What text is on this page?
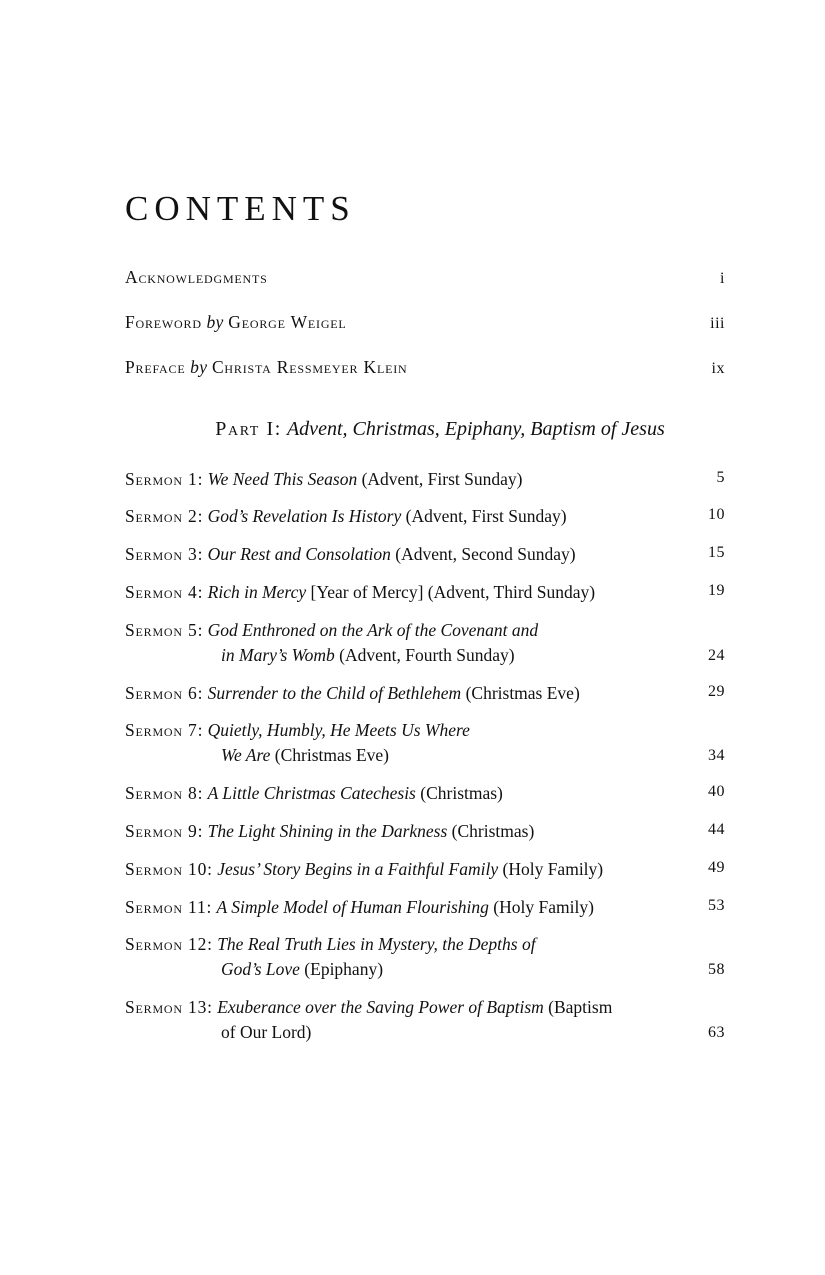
CONTENTS
Acknowledgments	i
Foreword by George Weigel	iii
Preface by Christa Ressmeyer Klein	ix
Part I: Advent, Christmas, Epiphany, Baptism of Jesus
Sermon 1: We Need This Season (Advent, First Sunday)	5
Sermon 2: God’s Revelation Is History (Advent, First Sunday)	10
Sermon 3: Our Rest and Consolation (Advent, Second Sunday)	15
Sermon 4: Rich in Mercy [Year of Mercy] (Advent, Third Sunday)	19
Sermon 5: God Enthroned on the Ark of the Covenant and
in Mary’s Womb (Advent, Fourth Sunday)	24
Sermon 6: Surrender to the Child of Bethlehem (Christmas Eve)	29
Sermon 7: Quietly, Humbly, He Meets Us Where
We Are (Christmas Eve)	34
Sermon 8: A Little Christmas Catechesis (Christmas)	40
Sermon 9: The Light Shining in the Darkness (Christmas)	44
Sermon 10: Jesus’ Story Begins in a Faithful Family (Holy Family)	49
Sermon 11: A Simple Model of Human Flourishing (Holy Family)	53
Sermon 12: The Real Truth Lies in Mystery, the Depths of
God’s Love (Epiphany)	58
Sermon 13: Exuberance over the Saving Power of Baptism (Baptism
of Our Lord)	63
